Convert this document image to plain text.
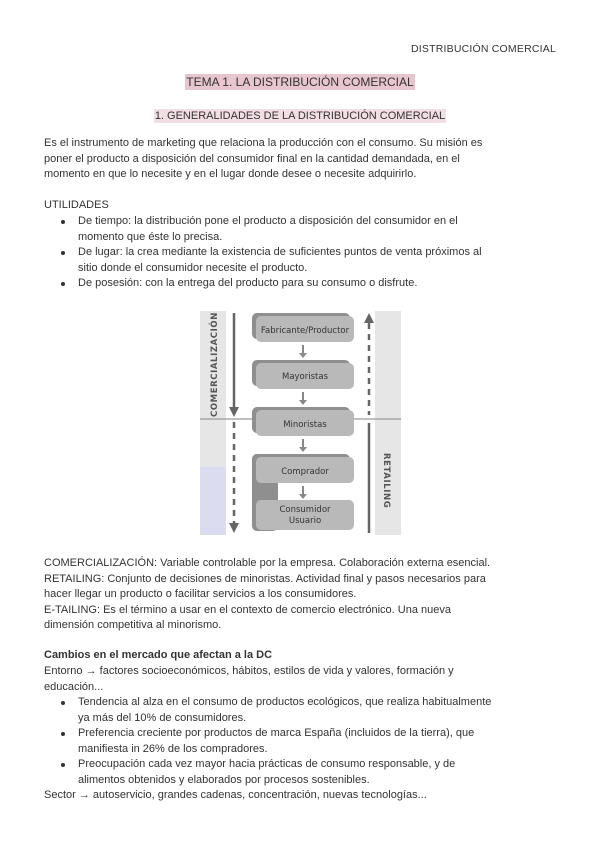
DISTRIBUCIÓN COMERCIAL
TEMA 1. LA DISTRIBUCIÓN COMERCIAL
1. GENERALIDADES DE LA DISTRIBUCIÓN COMERCIAL
Es el instrumento de marketing que relaciona la producción con el consumo. Su misión es
poner el producto a disposición del consumidor final en la cantidad demandada, en el
momento en que lo necesite y en el lugar donde desee o necesite adquirirlo.
UTILIDADES
De tiempo: la distribución pone el producto a disposición del consumidor en el
momento que éste lo precisa.
De lugar: la crea mediante la existencia de suficientes puntos de venta próximos al
sitio donde el consumidor necesite el producto.
De posesión: con la entrega del producto para su consumo o disfrute.
COMERCIALIZACIÓN
RETAILING
Fabricante/Productor
Mayoristas
Minoristas
Comprador
Consumidor
Usuario
COMERCIALIZACIÓN: Variable controlable por la empresa. Colaboración externa esencial.
RETAILING: Conjunto de decisiones de minoristas. Actividad final y pasos necesarios para
hacer llegar un producto o facilitar servicios a los consumidores.
E-TAILING: Es el término a usar en el contexto de comercio electrónico. Una nueva
dimensión competitiva al minorismo.
Cambios en el mercado que afectan a la DC
Entorno → factores socioeconómicos, hábitos, estilos de vida y valores, formación y
educación...
Tendencia al alza en el consumo de productos ecológicos, que realiza habitualmente
ya más del 10% de consumidores.
Preferencia creciente por productos de marca España (incluidos de la tierra), que
manifiesta in 26% de los compradores.
Preocupación cada vez mayor hacia prácticas de consumo responsable, y de
alimentos obtenidos y elaborados por procesos sostenibles.
Sector → autoservicio, grandes cadenas, concentración, nuevas tecnologías...
